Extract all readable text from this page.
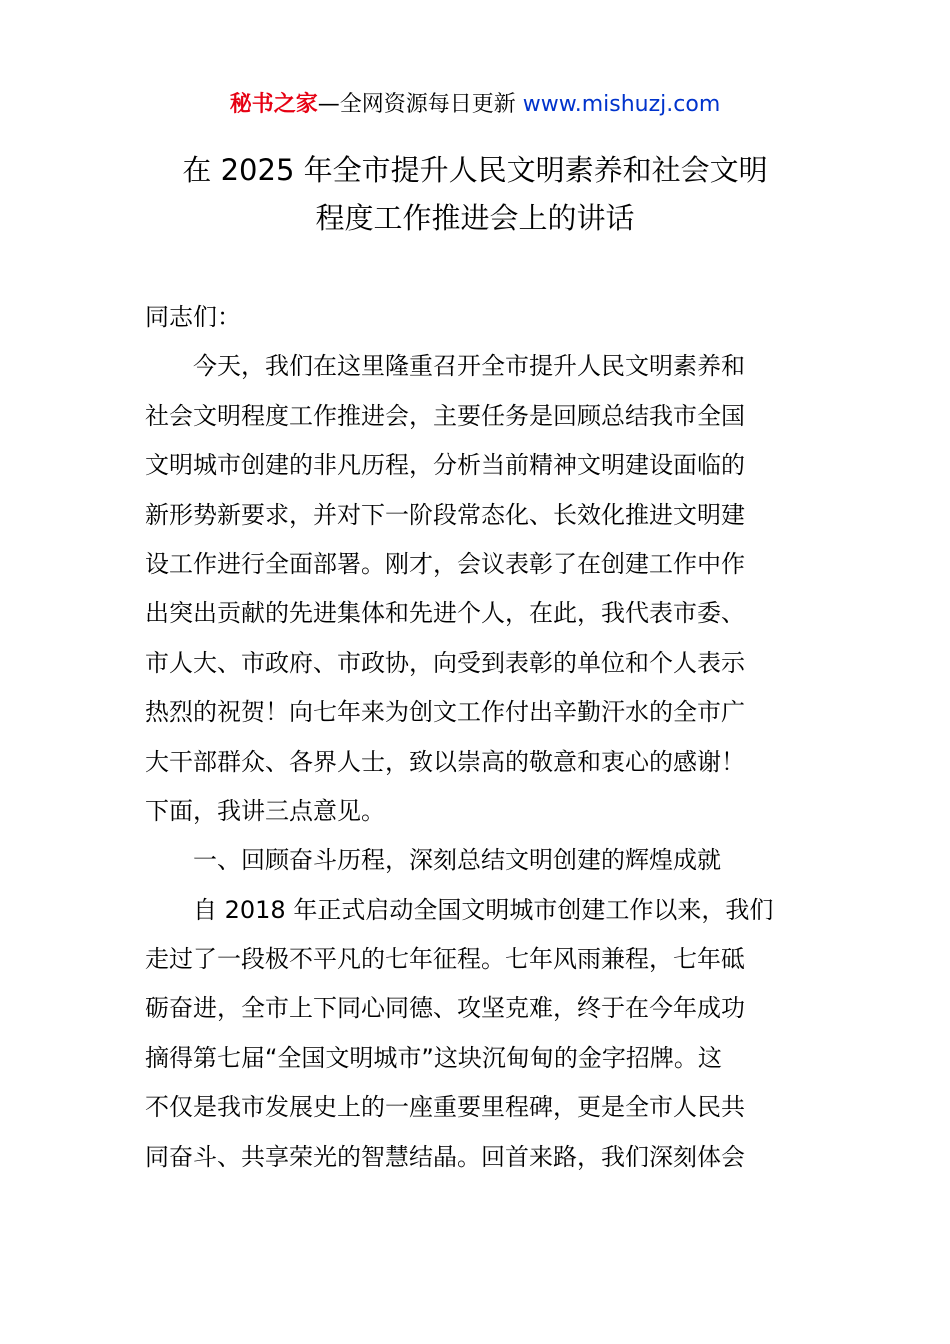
秘书之家—全网资源每日更新 www.mishuzj.com
在 2025 年全市提升人民文明素养和社会文明
程度工作推进会上的讲话
同志们：
今天，我们在这里隆重召开全市提升人民文明素养和
社会文明程度工作推进会，主要任务是回顾总结我市全国
文明城市创建的非凡历程，分析当前精神文明建设面临的
新形势新要求，并对下一阶段常态化、长效化推进文明建
设工作进行全面部署。刚才，会议表彰了在创建工作中作
出突出贡献的先进集体和先进个人，在此，我代表市委、
市人大、市政府、市政协，向受到表彰的单位和个人表示
热烈的祝贺！向七年来为创文工作付出辛勤汗水的全市广
大干部群众、各界人士，致以崇高的敬意和衷心的感谢！
下面，我讲三点意见。
一、回顾奋斗历程，深刻总结文明创建的辉煌成就
自 2018 年正式启动全国文明城市创建工作以来，我们
走过了一段极不平凡的七年征程。七年风雨兼程，七年砥
砺奋进，全市上下同心同德、攻坚克难，终于在今年成功
摘得第七届“全国文明城市”这块沉甸甸的金字招牌。这
不仅是我市发展史上的一座重要里程碑，更是全市人民共
同奋斗、共享荣光的智慧结晶。回首来路，我们深刻体会
